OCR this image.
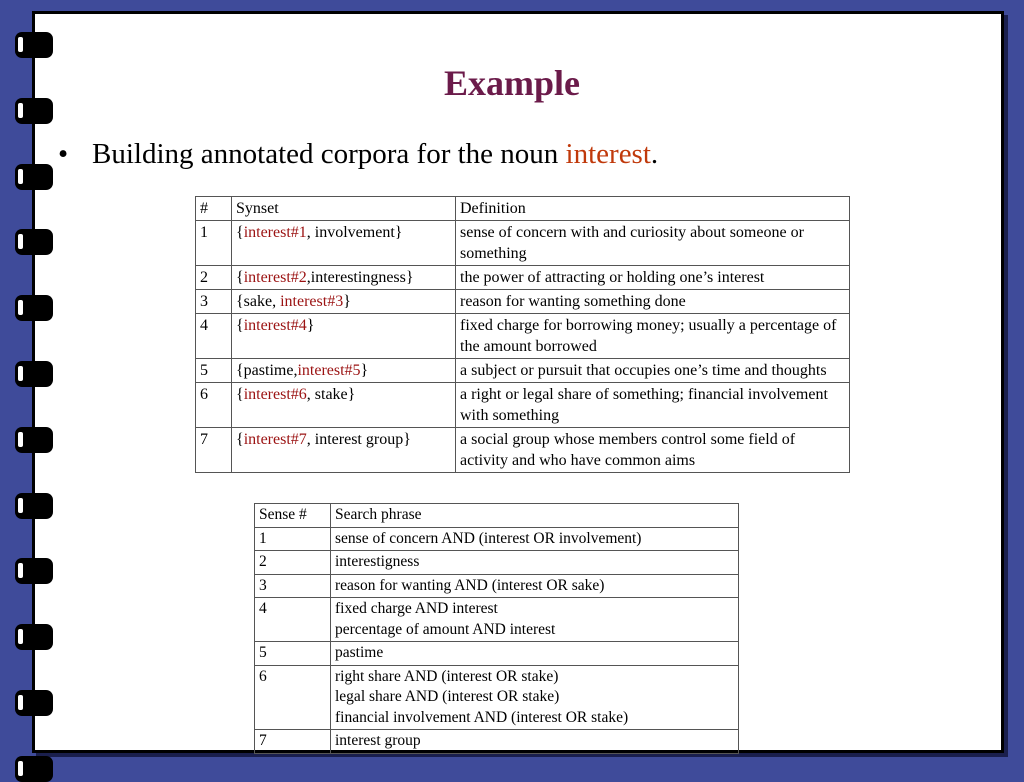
Example
• Building annotated corpora for the noun interest.
#	Synset	Definition
1	{interest#1, involvement}	sense of concern with and curiosity about someone or something
2	{interest#2,interestingness}	the power of attracting or holding one’s interest
3	{sake, interest#3}	reason for wanting something done
4	{interest#4}	fixed charge for borrowing money; usually a percentage of the amount borrowed
5	{pastime,interest#5}	a subject or pursuit that occupies one’s time and thoughts
6	{interest#6, stake}	a right or legal share of something; financial involvement with something
7	{interest#7, interest group}	a social group whose members control some field of activity and who have common aims
Sense #	Search phrase
1	sense of concern AND (interest OR involvement)

2	interestigness

3	reason for wanting AND (interest OR sake)

4	fixed charge AND interest
percentage of amount AND interest

5	pastime

6	right share AND (interest OR stake)
legal share AND (interest OR stake)
financial involvement AND (interest OR stake)

7	interest group
